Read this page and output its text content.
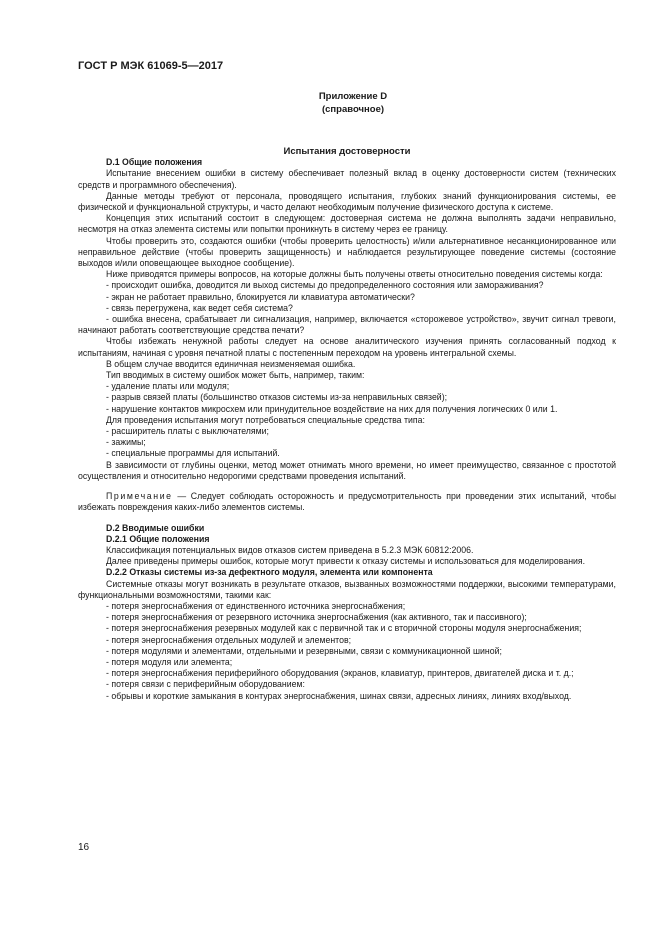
ГОСТ Р МЭК 61069-5—2017
Приложение D
(справочное)

Испытания достоверности

D.1 Общие положения

Испытание внесением ошибки в систему обеспечивает полезный вклад в оценку достоверности систем (технических средств и программного обеспечения).

Данные методы требуют от персонала, проводящего испытания, глубоких знаний функционирования системы, ее физической и функциональной структуры, и часто делают необходимым получение физического доступа к системе.

Концепция этих испытаний состоит в следующем: достоверная система не должна выполнять задачи неправильно, несмотря на отказ элемента системы или попытки проникнуть в систему через ее границу.

Чтобы проверить это, создаются ошибки (чтобы проверить целостность) и/или альтернативное несанкционированное или неправильное действие (чтобы проверить защищенность) и наблюдается результирующее поведение системы (состояние выходов и/или оповещающее выходное сообщение).

Ниже приводятся примеры вопросов, на которые должны быть получены ответы относительно поведения системы когда:

- происходит ошибка, доводится ли выход системы до предопределенного состояния или замораживания?

- экран не работает правильно, блокируется ли клавиатура автоматически?

- связь перегружена, как ведет себя система?

- ошибка внесена, срабатывает ли сигнализация, например, включается «сторожевое устройство», звучит сигнал тревоги, начинают работать соответствующие средства печати?

Чтобы избежать ненужной работы следует на основе аналитического изучения принять согласованный подход к испытаниям, начиная с уровня печатной платы с постепенным переходом на уровень интегральной схемы.

В общем случае вводится единичная неизменяемая ошибка.

Тип вводимых в систему ошибок может быть, например, таким:

- удаление платы или модуля;

- разрыв связей платы (большинство отказов системы из-за неправильных связей);

- нарушение контактов микросхем или принудительное воздействие на них для получения логических 0 или 1.

Для проведения испытания могут потребоваться специальные средства типа:

- расширитель платы с выключателями;

- зажимы;

- специальные программы для испытаний.

В зависимости от глубины оценки, метод может отнимать много времени, но имеет преимущество, связанное с простотой осуществления и относительно недорогими средствами проведения испытаний.

Примечание — Следует соблюдать осторожность и предусмотрительность при проведении этих испытаний, чтобы избежать повреждения каких-либо элементов системы.

D.2 Вводимые ошибки

D.2.1 Общие положения

Классификация потенциальных видов отказов систем приведена в 5.2.3 МЭК 60812:2006.

Далее приведены примеры ошибок, которые могут привести к отказу системы и использоваться для моделирования.

D.2.2 Отказы системы из-за дефектного модуля, элемента или компонента

Системные отказы могут возникать в результате отказов, вызванных возможностями поддержки, высокими температурами, функциональными возможностями, такими как:

- потеря энергоснабжения от единственного источника энергоснабжения;

- потеря энергоснабжения от резервного источника энергоснабжения (как активного, так и пассивного);

- потеря энергоснабжения резервных модулей как с первичной так и с вторичной стороны модуля энергоснабжения;

- потеря энергоснабжения отдельных модулей и элементов;

- потеря модулями и элементами, отдельными и резервными, связи с коммуникационной шиной;

- потеря модуля или элемента;

- потеря энергоснабжения периферийного оборудования (экранов, клавиатур, принтеров, двигателей диска и т. д.;

- потеря связи с периферийным оборудованием:

- обрывы и короткие замыкания в контурах энергоснабжения, шинах связи, адресных линиях, линиях вход/выход.

16
